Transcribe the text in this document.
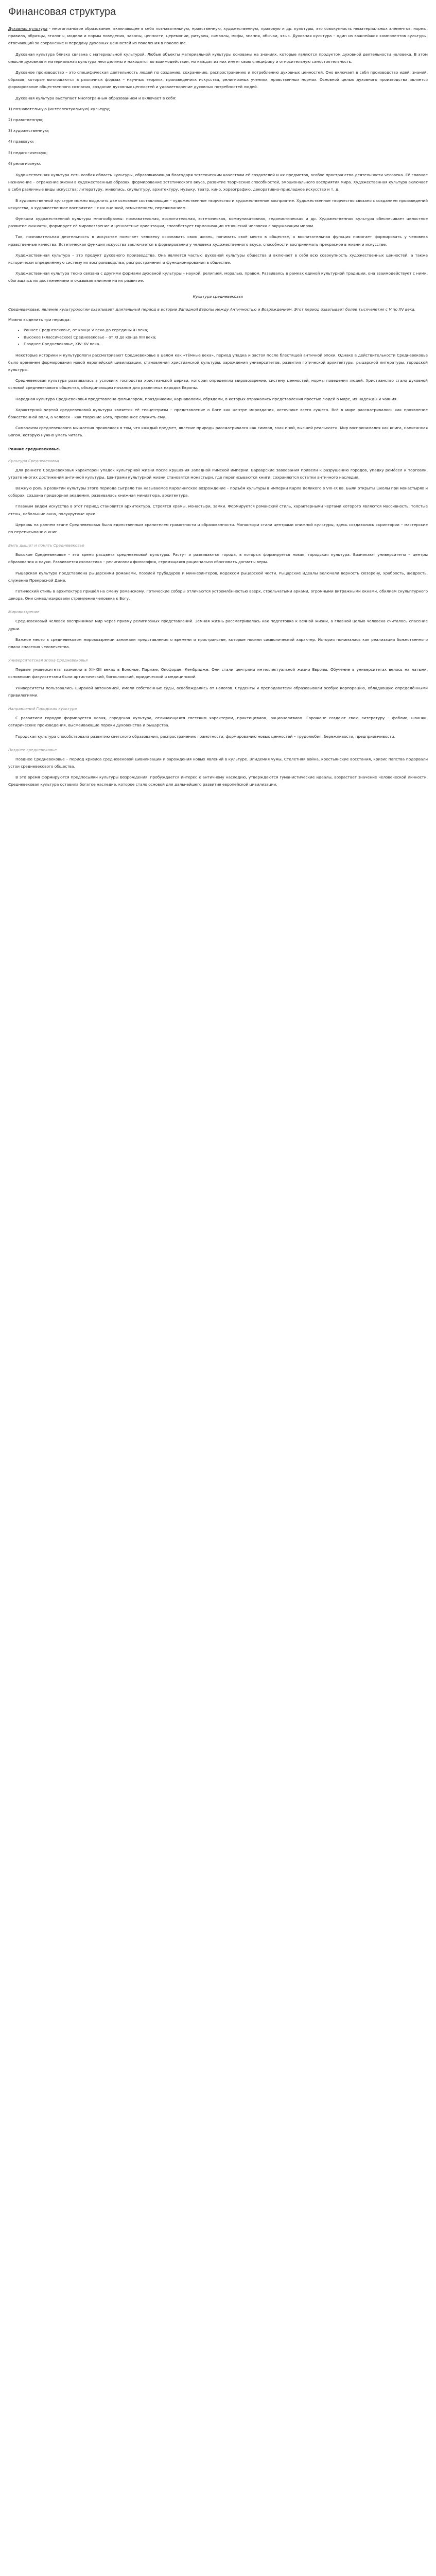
Финансовая структура

Духовная культура - многоплановое образование, включающее в себя познавательную, нравственную, художественную, правовую и др. культуры, это совокупность нематериальных элементов: нормы, правила, образцы, эталоны, модели и нормы поведения, законы, ценности, церемонии, ритуалы, символы, мифы, знания, обычаи, язык. Духовная культура – один из важнейших компонентов культуры, отвечающий за сохранение и передачу духовных ценностей из поколения в поколение.

Духовная культура близко связана с материальной культурой. Любые объекты материальной культуры основаны на знаниях, которые являются продуктом духовной деятельности человека. В этом смысле духовная и материальная культура неотделимы и находятся во взаимодействии, но каждая из них имеет свою специфику и относительную самостоятельность.

Духовное производство – это специфическая деятельность людей по созданию, сохранению, распространению и потреблению духовных ценностей. Оно включает в себя производство идей, знаний, образов, которые воплощаются в различных формах – научных теориях, произведениях искусства, религиозных учениях, нравственных нормах. Основной целью духовного производства является формирование общественного сознания, создание духовных ценностей и удовлетворение духовных потребностей людей.

Духовная культура выступает многогранным образованием и включает в себя:

1) познавательную (интеллектуальную) культуру;

2) нравственную;

3) художественную;

4) правовую;

5) педагогическую;

6) религиозную.

Художественная культура есть особая область культуры, образовывающая благодаря эстетическим качествам её создателей и их предметов, особое пространство деятельности человека. Её главное назначение – отражение жизни в художественных образах, формирование эстетического вкуса, развитие творческих способностей, эмоционального восприятия мира. Художественная культура включает в себя различные виды искусства: литературу, живопись, скульптуру, архитектуру, музыку, театр, кино, хореографию, декоративно-прикладное искусство и т. д.

В художественной культуре можно выделить две основные составляющие – художественное творчество и художественное восприятие. Художественное творчество связано с созданием произведений искусства, а художественное восприятие – с их оценкой, осмыслением, переживанием.

Функции художественной культуры многообразны: познавательная, воспитательная, эстетическая, коммуникативная, гедонистическая и др. Художественная культура обеспечивает целостное развитие личности, формирует её мировоззрение и ценностные ориентации, способствует гармонизации отношений человека с окружающим миром.

Так, познавательная деятельность в искусстве помогает человеку осознавать свою жизнь, понимать своё место в обществе, а воспитательная функция помогает формировать у человека нравственные качества. Эстетическая функция искусства заключается в формировании у человека художественного вкуса, способности воспринимать прекрасное в жизни и искусстве.

Художественная культура – это продукт духовного производства. Она является частью духовной культуры общества и включает в себя всю совокупность художественных ценностей, а также исторически определённую систему их воспроизводства, распространения и функционирования в обществе.

Художественная культура тесно связана с другими формами духовной культуры – наукой, религией, моралью, правом. Развиваясь в рамках единой культурной традиции, она взаимодействует с ними, обогащаясь их достижениями и оказывая влияние на их развитие.

Культура средневековья
Средневековье: явление культурологии охватывает длительный период в истории Западной Европы между Античностью и Возрождением. Этот период охватывает более тысячелетия с V по XV века.
Можно выделить три периода:
• Раннее Средневековье, от конца V века до середины XI века;
• Высокое (классическое) Средневековье – от XI до конца XIII века;
• Позднее Средневековье, XIV–XV века.

Некоторые историки и культурологи рассматривают Средневековье в целом как «тёмные века», период упадка и застоя после блестящей античной эпохи. Однако в действительности Средневековье было временем формирования новой европейской цивилизации, становления христианской культуры, зарождения университетов, развития готической архитектуры, рыцарской литературы, городской культуры.

Средневековая культура развивалась в условиях господства христианской церкви, которая определяла мировоззрение, систему ценностей, нормы поведения людей. Христианство стало духовной основой средневекового общества, объединяющим началом для различных народов Европы.

Народная культура Средневековья представлена фольклором, праздниками, карнавалами, обрядами, в которых отражались представления простых людей о мире, их надежды и чаяния.

Характерной чертой средневековой культуры является её теоцентризм – представление о Боге как центре мироздания, источнике всего сущего. Всё в мире рассматривалось как проявление божественной воли, а человек – как творение Бога, призванное служить ему.

Символизм средневекового мышления проявлялся в том, что каждый предмет, явление природы рассматривался как символ, знак иной, высшей реальности. Мир воспринимался как книга, написанная Богом, которую нужно уметь читать.

Ранние средневековье.
Культура Средневековья

Для раннего Средневековья характерен упадок культурной жизни после крушения Западной Римской империи. Варварские завоевания привели к разрушению городов, упадку ремёсел и торговли, утрате многих достижений античной культуры. Центрами культурной жизни становятся монастыри, где переписываются книги, сохраняются остатки античного наследия.

Важную роль в развитии культуры этого периода сыграло так называемое Каролингское возрождение – подъём культуры в империи Карла Великого в VIII–IX вв. Были открыты школы при монастырях и соборах, создана придворная академия, развивалась книжная миниатюра, архитектура.

Главным видом искусства в этот период становится архитектура. Строятся храмы, монастыри, замки. Формируется романский стиль, характерными чертами которого являются массивность, толстые стены, небольшие окна, полукруглые арки.

Церковь на раннем этапе Средневековья была единственным хранителем грамотности и образованности. Монастыри стали центрами книжной культуры, здесь создавались скриптории – мастерские по переписыванию книг.

Быть дышат и понять Средневековье

Высокое Средневековье – это время расцвета средневековой культуры. Растут и развиваются города, в которых формируется новая, городская культура. Возникают университеты – центры образования и науки. Развивается схоластика – религиозная философия, стремящаяся рационально обосновать догматы веры.

Рыцарская культура представлена рыцарскими романами, поэзией трубадуров и миннезингеров, кодексом рыцарской чести. Рыцарские идеалы включали верность сюзерену, храбрость, щедрость, служение Прекрасной Даме.

Готический стиль в архитектуре пришёл на смену романскому. Готические соборы отличаются устремлённостью вверх, стрельчатыми арками, огромными витражными окнами, обилием скульптурного декора. Они символизировали стремление человека к Богу.

Мировоззрение

Средневековый человек воспринимал мир через призму религиозных представлений. Земная жизнь рассматривалась как подготовка к вечной жизни, а главной целью человека считалось спасение души.

Важное место в средневековом мировоззрении занимали представления о времени и пространстве, которые носили символический характер. История понималась как реализация божественного плана спасения человечества.

Университетская эпоха Средневековья

Первые университеты возникли в XII–XIII веках в Болонье, Париже, Оксфорде, Кембридже. Они стали центрами интеллектуальной жизни Европы. Обучение в университетах велось на латыни, основными факультетами были артистический, богословский, юридический и медицинский.

Университеты пользовались широкой автономией, имели собственные суды, освобождались от налогов. Студенты и преподаватели образовывали особую корпорацию, обладавшую определёнными привилегиями.

Направлений Городская культура

С развитием городов формируется новая, городская культура, отличающаяся светским характером, практицизмом, рационализмом. Горожане создают свою литературу – фаблио, шванки, сатирические произведения, высмеивающие пороки духовенства и рыцарства.

Городская культура способствовала развитию светского образования, распространению грамотности, формированию новых ценностей – трудолюбия, бережливости, предприимчивости.

Позднее средневековье

Позднее Средневековье – период кризиса средневековой цивилизации и зарождения новых явлений в культуре. Эпидемия чумы, Столетняя война, крестьянские восстания, кризис папства подорвали устои средневекового общества.

В это время формируются предпосылки культуры Возрождения: пробуждается интерес к античному наследию, утверждаются гуманистические идеалы, возрастает значение человеческой личности. Средневековая культура оставила богатое наследие, которое стало основой для дальнейшего развития европейской цивилизации.
